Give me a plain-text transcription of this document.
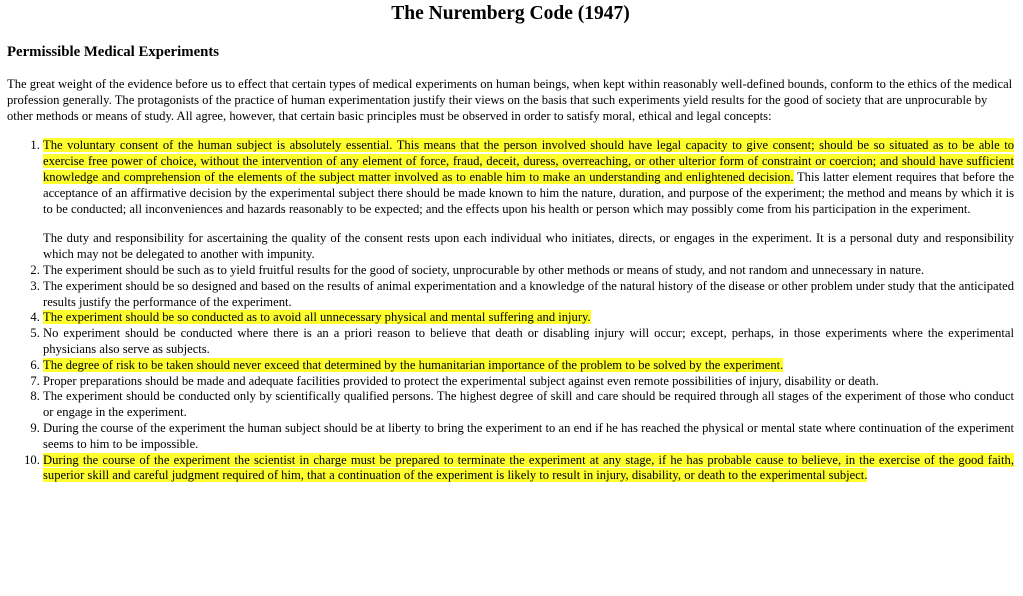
The Nuremberg Code (1947)
Permissible Medical Experiments

The great weight of the evidence before us to effect that certain types of medical experiments on human beings, when kept within reasonably well-defined bounds, conform to the ethics of the medical profession generally. The protagonists of the practice of human experimentation justify their views on the basis that such experiments yield results for the good of society that are unprocurable by other methods or means of study. All agree, however, that certain basic principles must be observed in order to satisfy moral, ethical and legal concepts:

1. The voluntary consent of the human subject is absolutely essential. This means that the person involved should have legal capacity to give consent; should be so situated as to be able to exercise free power of choice, without the intervention of any element of force, fraud, deceit, duress, overreaching, or other ulterior form of constraint or coercion; and should have sufficient knowledge and comprehension of the elements of the subject matter involved as to enable him to make an understanding and enlightened decision. This latter element requires that before the acceptance of an affirmative decision by the experimental subject there should be made known to him the nature, duration, and purpose of the experiment; the method and means by which it is to be conducted; all inconveniences and hazards reasonably to be expected; and the effects upon his health or person which may possibly come from his participation in the experiment.
The duty and responsibility for ascertaining the quality of the consent rests upon each individual who initiates, directs, or engages in the experiment. It is a personal duty and responsibility which may not be delegated to another with impunity.
2. The experiment should be such as to yield fruitful results for the good of society, unprocurable by other methods or means of study, and not random and unnecessary in nature.
3. The experiment should be so designed and based on the results of animal experimentation and a knowledge of the natural history of the disease or other problem under study that the anticipated results justify the performance of the experiment.
4. The experiment should be so conducted as to avoid all unnecessary physical and mental suffering and injury.
5. No experiment should be conducted where there is an a priori reason to believe that death or disabling injury will occur; except, perhaps, in those experiments where the experimental physicians also serve as subjects.
6. The degree of risk to be taken should never exceed that determined by the humanitarian importance of the problem to be solved by the experiment.
7. Proper preparations should be made and adequate facilities provided to protect the experimental subject against even remote possibilities of injury, disability or death.
8. The experiment should be conducted only by scientifically qualified persons. The highest degree of skill and care should be required through all stages of the experiment of those who conduct or engage in the experiment.
9. During the course of the experiment the human subject should be at liberty to bring the experiment to an end if he has reached the physical or mental state where continuation of the experiment seems to him to be impossible.
10. During the course of the experiment the scientist in charge must be prepared to terminate the experiment at any stage, if he has probable cause to believe, in the exercise of the good faith, superior skill and careful judgment required of him, that a continuation of the experiment is likely to result in injury, disability, or death to the experimental subject.
